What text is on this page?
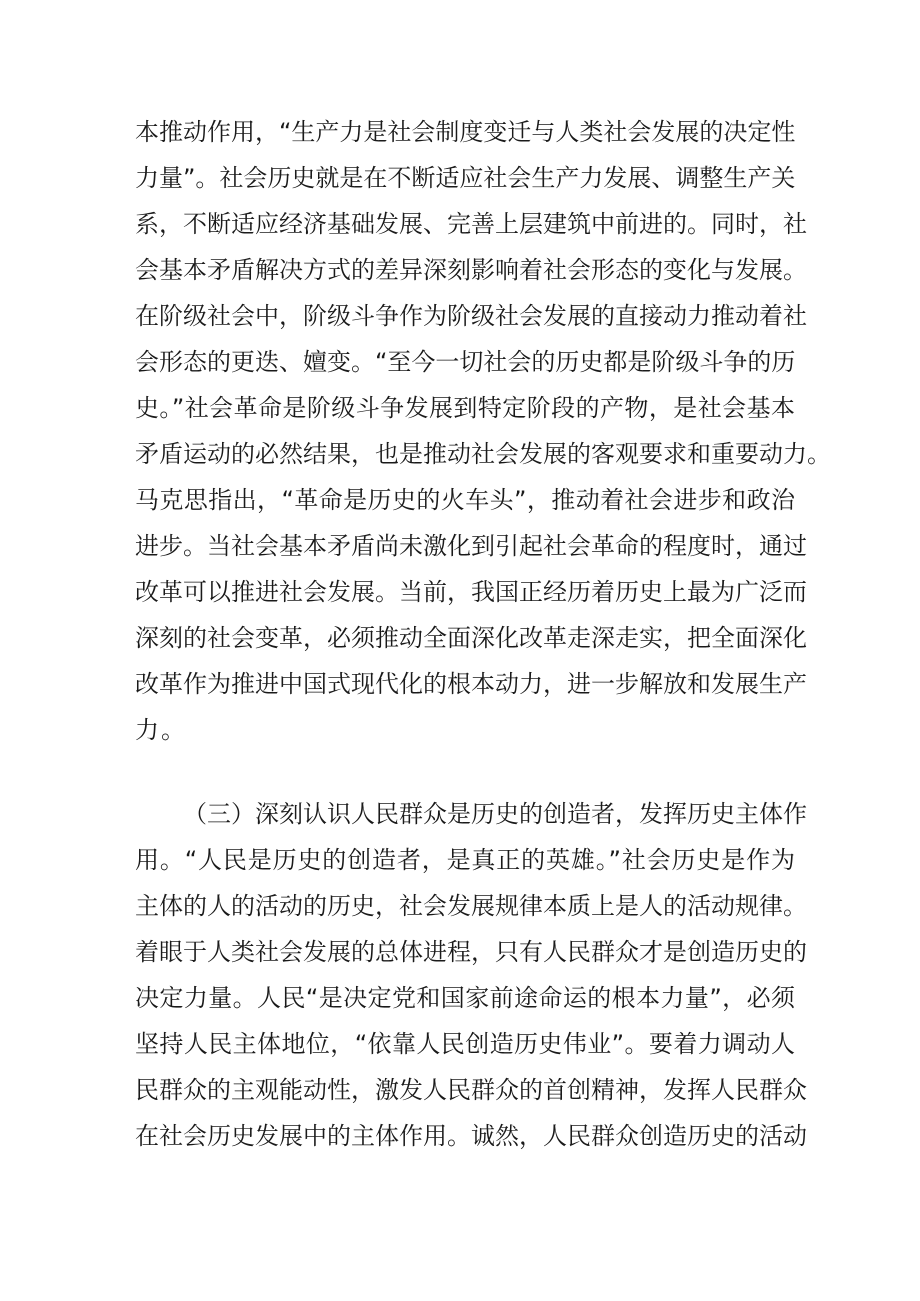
本推动作用，“生产力是社会制度变迁与人类社会发展的决定性
力量”。社会历史就是在不断适应社会生产力发展、调整生产关
系，不断适应经济基础发展、完善上层建筑中前进的。同时，社
会基本矛盾解决方式的差异深刻影响着社会形态的变化与发展。
在阶级社会中，阶级斗争作为阶级社会发展的直接动力推动着社
会形态的更迭、嬗变。“至今一切社会的历史都是阶级斗争的历
史。”社会革命是阶级斗争发展到特定阶段的产物，是社会基本
矛盾运动的必然结果，也是推动社会发展的客观要求和重要动力。
马克思指出，“革命是历史的火车头”，推动着社会进步和政治
进步。当社会基本矛盾尚未激化到引起社会革命的程度时，通过
改革可以推进社会发展。当前，我国正经历着历史上最为广泛而
深刻的社会变革，必须推动全面深化改革走深走实，把全面深化
改革作为推进中国式现代化的根本动力，进一步解放和发展生产
力。
（三）深刻认识人民群众是历史的创造者，发挥历史主体作
用。“人民是历史的创造者，是真正的英雄。”社会历史是作为
主体的人的活动的历史，社会发展规律本质上是人的活动规律。
着眼于人类社会发展的总体进程，只有人民群众才是创造历史的
决定力量。人民“是决定党和国家前途命运的根本力量”，必须
坚持人民主体地位，“依靠人民创造历史伟业”。要着力调动人
民群众的主观能动性，激发人民群众的首创精神，发挥人民群众
在社会历史发展中的主体作用。诚然，人民群众创造历史的活动
